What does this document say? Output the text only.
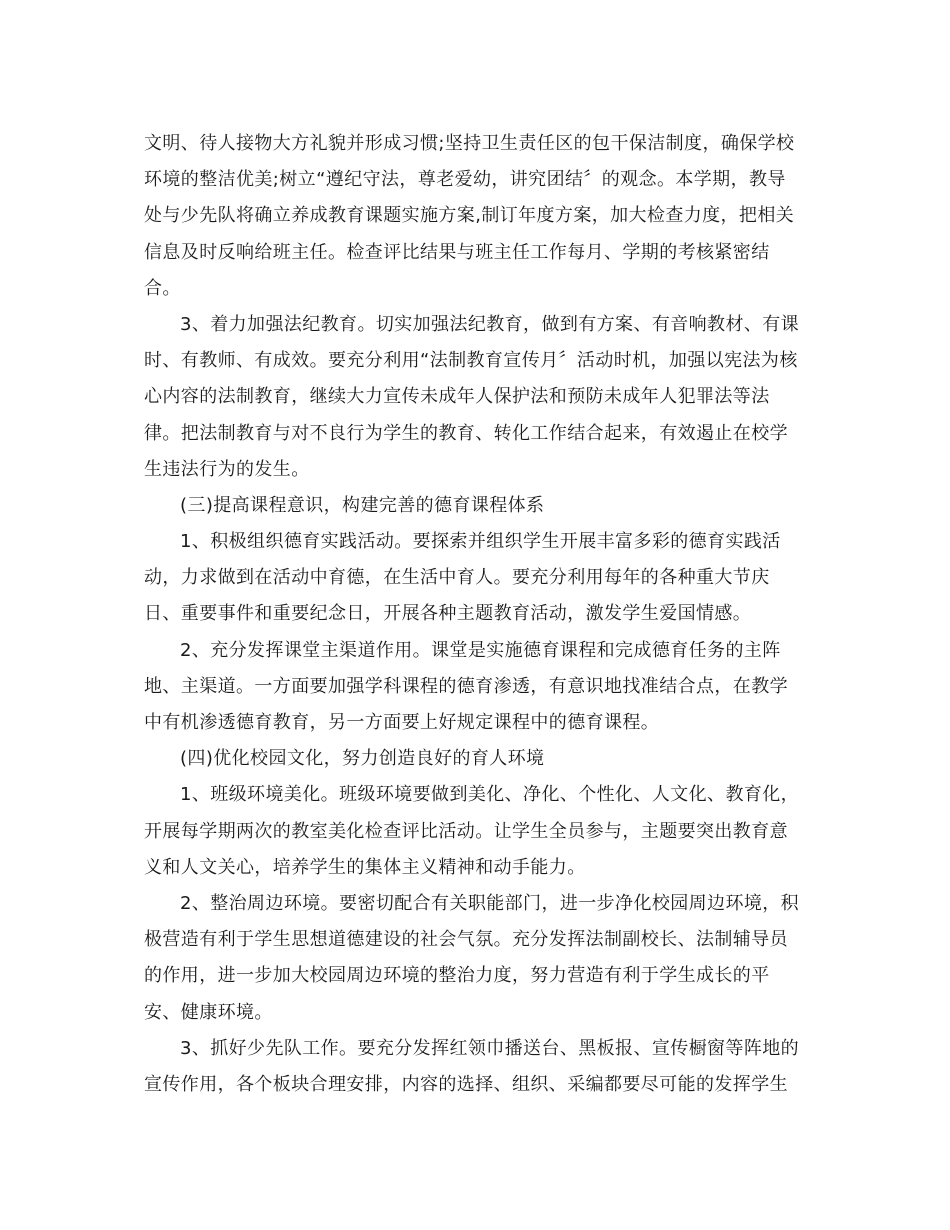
文明、待人接物大方礼貌并形成习惯;坚持卫生责任区的包干保洁制度，确保学校
环境的整洁优美;树立“遵纪守法，尊老爱幼，讲究团结〞的观念。本学期，教导
处与少先队将确立养成教育课题实施方案,制订年度方案，加大检查力度，把相关
信息及时反响给班主任。检查评比结果与班主任工作每月、学期的考核紧密结
合。
3、着力加强法纪教育。切实加强法纪教育，做到有方案、有音响教材、有课
时、有教师、有成效。要充分利用“法制教育宣传月〞活动时机，加强以宪法为核
心内容的法制教育，继续大力宣传未成年人保护法和预防未成年人犯罪法等法
律。把法制教育与对不良行为学生的教育、转化工作结合起来，有效遏止在校学
生违法行为的发生。
(三)提高课程意识，构建完善的德育课程体系
1、积极组织德育实践活动。要探索并组织学生开展丰富多彩的德育实践活
动，力求做到在活动中育德，在生活中育人。要充分利用每年的各种重大节庆
日、重要事件和重要纪念日，开展各种主题教育活动，激发学生爱国情感。
2、充分发挥课堂主渠道作用。课堂是实施德育课程和完成德育任务的主阵
地、主渠道。一方面要加强学科课程的德育渗透，有意识地找准结合点，在教学
中有机渗透德育教育，另一方面要上好规定课程中的德育课程。
(四)优化校园文化，努力创造良好的育人环境
1、班级环境美化。班级环境要做到美化、净化、个性化、人文化、教育化，
开展每学期两次的教室美化检查评比活动。让学生全员参与，主题要突出教育意
义和人文关心，培养学生的集体主义精神和动手能力。
2、整治周边环境。要密切配合有关职能部门，进一步净化校园周边环境，积
极营造有利于学生思想道德建设的社会气氛。充分发挥法制副校长、法制辅导员
的作用，进一步加大校园周边环境的整治力度，努力营造有利于学生成长的平
安、健康环境。
3、抓好少先队工作。要充分发挥红领巾播送台、黑板报、宣传橱窗等阵地的
宣传作用，各个板块合理安排，内容的选择、组织、采编都要尽可能的发挥学生
